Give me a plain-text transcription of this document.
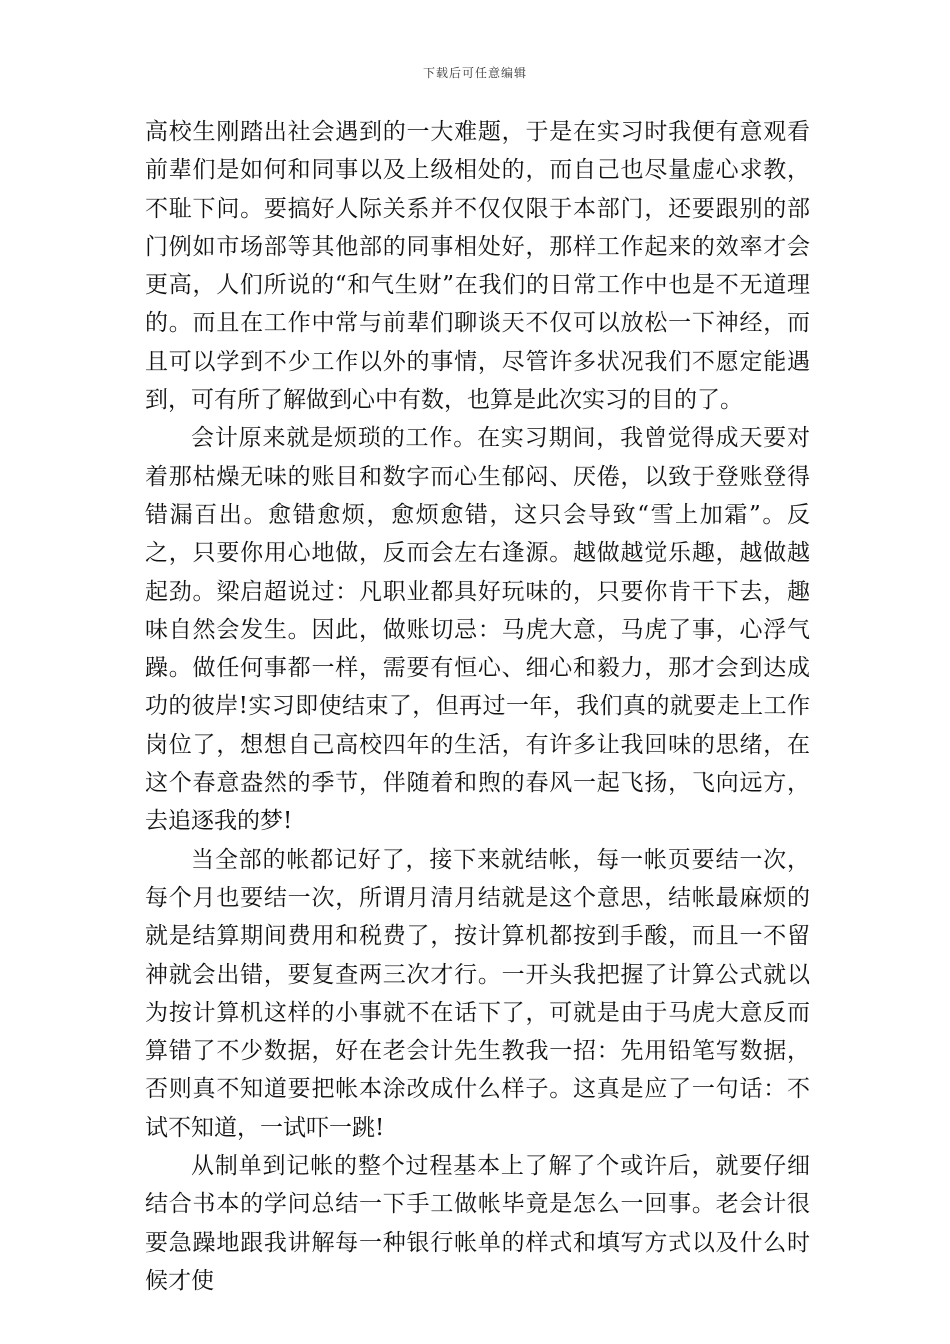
下载后可任意编辑

高校生刚踏出社会遇到的一大难题，于是在实习时我便有意观看前辈们是如何和同事以及上级相处的，而自己也尽量虚心求教，不耻下问。要搞好人际关系并不仅仅限于本部门，还要跟别的部门例如市场部等其他部的同事相处好，那样工作起来的效率才会更高，人们所说的“和气生财”在我们的日常工作中也是不无道理的。而且在工作中常与前辈们聊谈天不仅可以放松一下神经，而且可以学到不少工作以外的事情，尽管许多状况我们不愿定能遇到，可有所了解做到心中有数，也算是此次实习的目的了。

会计原来就是烦琐的工作。在实习期间，我曾觉得成天要对着那枯燥无味的账目和数字而心生郁闷、厌倦，以致于登账登得错漏百出。愈错愈烦，愈烦愈错，这只会导致“雪上加霜”。反之，只要你用心地做，反而会左右逢源。越做越觉乐趣，越做越起劲。梁启超说过：凡职业都具好玩味的，只要你肯干下去，趣味自然会发生。因此，做账切忌：马虎大意，马虎了事，心浮气躁。做任何事都一样，需要有恒心、细心和毅力，那才会到达成功的彼岸!实习即使结束了，但再过一年，我们真的就要走上工作岗位了，想想自己高校四年的生活，有许多让我回味的思绪，在这个春意盎然的季节，伴随着和煦的春风一起飞扬，飞向远方，去追逐我的梦!

当全部的帐都记好了，接下来就结帐，每一帐页要结一次，每个月也要结一次，所谓月清月结就是这个意思，结帐最麻烦的就是结算期间费用和税费了，按计算机都按到手酸，而且一不留神就会出错，要复查两三次才行。一开头我把握了计算公式就以为按计算机这样的小事就不在话下了，可就是由于马虎大意反而算错了不少数据，好在老会计先生教我一招：先用铅笔写数据，否则真不知道要把帐本涂改成什么样子。这真是应了一句话：不试不知道，一试吓一跳!

从制单到记帐的整个过程基本上了解了个或许后，就要仔细结合书本的学问总结一下手工做帐毕竟是怎么一回事。老会计很要急躁地跟我讲解每一种银行帐单的样式和填写方式以及什么时候才使
